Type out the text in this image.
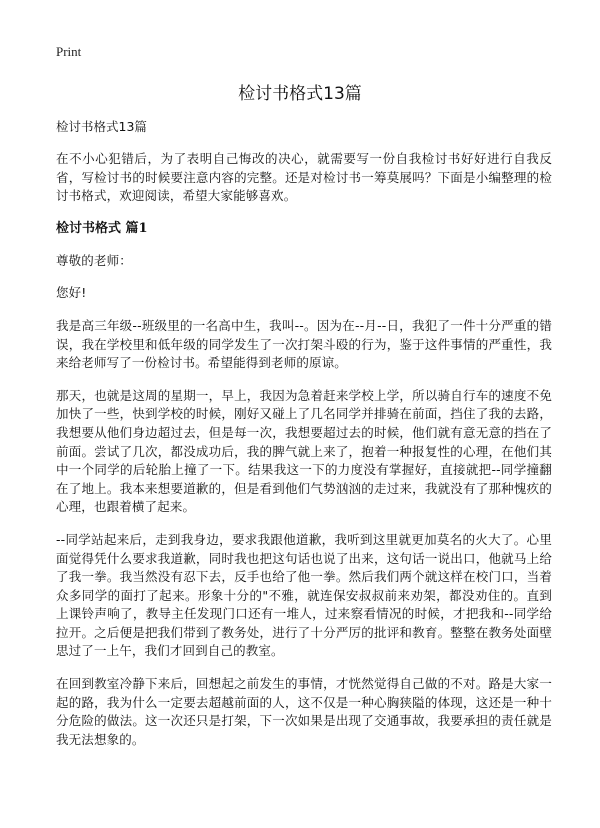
Print
检讨书格式13篇
检讨书格式13篇

在不小心犯错后，为了表明自己悔改的决心，就需要写一份自我检讨书好好进行自我反省，写检讨书的时候要注意内容的完整。还是对检讨书一筹莫展吗？下面是小编整理的检讨书格式，欢迎阅读，希望大家能够喜欢。

检讨书格式 篇1

尊敬的老师：

您好!

我是高三年级--班级里的一名高中生，我叫--。因为在--月--日，我犯了一件十分严重的错误，我在学校里和低年级的同学发生了一次打架斗殴的行为，鉴于这件事情的严重性，我来给老师写了一份检讨书。希望能得到老师的原谅。

那天，也就是这周的星期一，早上，我因为急着赶来学校上学，所以骑自行车的速度不免加快了一些，快到学校的时候，刚好又碰上了几名同学并排骑在前面，挡住了我的去路，我想要从他们身边超过去，但是每一次，我想要超过去的时候，他们就有意无意的挡在了前面。尝试了几次，都没成功后，我的脾气就上来了，抱着一种报复性的心理，在他们其中一个同学的后轮胎上撞了一下。结果我这一下的力度没有掌握好，直接就把--同学撞翻在了地上。我本来想要道歉的，但是看到他们气势汹汹的走过来，我就没有了那种愧疚的心理，也跟着横了起来。

--同学站起来后，走到我身边，要求我跟他道歉，我听到这里就更加莫名的火大了。心里面觉得凭什么要求我道歉，同时我也把这句话也说了出来，这句话一说出口，他就马上给了我一拳。我当然没有忍下去，反手也给了他一拳。然后我们两个就这样在校门口，当着众多同学的面打了起来。形象十分的"不雅，就连保安叔叔前来劝架，都没劝住的。直到上课铃声响了，教导主任发现门口还有一堆人，过来察看情况的时候，才把我和--同学给拉开。之后便是把我们带到了教务处，进行了十分严厉的批评和教育。整整在教务处面壁思过了一上午，我们才回到自己的教室。

在回到教室冷静下来后，回想起之前发生的事情，才恍然觉得自己做的不对。路是大家一起的路，我为什么一定要去超越前面的人，这不仅是一种心胸狭隘的体现，这还是一种十分危险的做法。这一次还只是打架，下一次如果是出现了交通事故，我要承担的责任就是我无法想象的。
